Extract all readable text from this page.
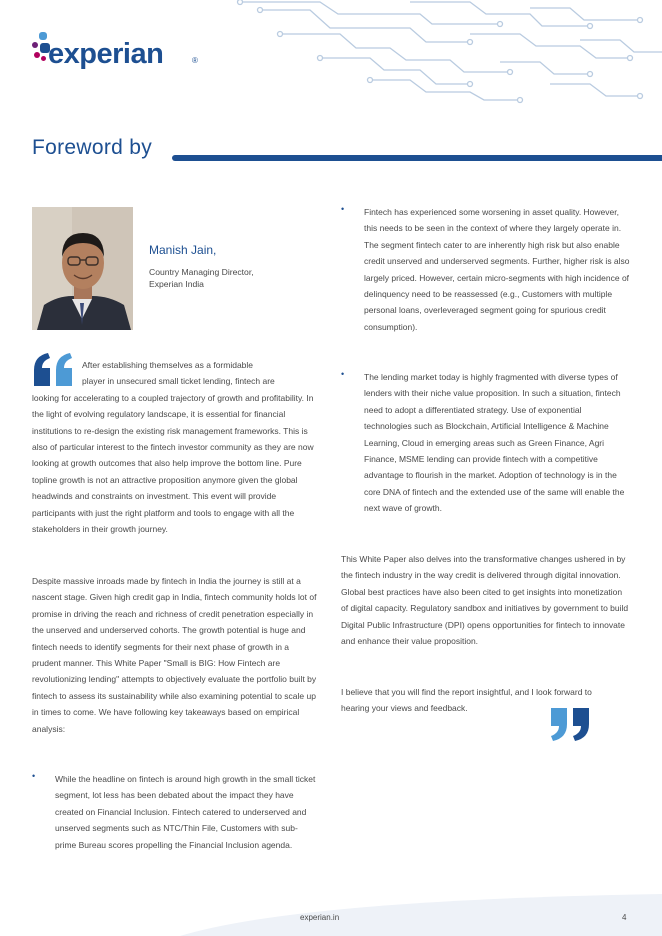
experian	®
Foreword by
Manish Jain,
Country Managing Director,
Experian India
After establishing themselves as a formidable
player in unsecured small ticket lending, fintech are
looking for accelerating to a coupled trajectory of growth and profitability. In the light of evolving regulatory landscape, it is essential for financial institutions to re-design the existing risk management frameworks. This is also of particular interest to the fintech investor community as they are now looking at growth outcomes that also help improve the bottom line. Pure topline growth is not an attractive proposition anymore given the global headwinds and constraints on investment. This event will provide participants with just the right platform and tools to engage with all the stakeholders in their growth journey.
Despite massive inroads made by fintech in India the journey is still at a nascent stage. Given high credit gap in India, fintech community holds lot of promise in driving the reach and richness of credit penetration especially in the unserved and underserved cohorts. The growth potential is huge and fintech needs to identify segments for their next phase of growth in a prudent manner. This White Paper "Small is BIG: How Fintech are revolutionizing lending" attempts to objectively evaluate the portfolio built by fintech to assess its sustainability while also examining potential to scale up in times to come. We have following key takeaways based on empirical analysis:
• While the headline on fintech is around high growth in the small ticket segment, lot less has been debated about the impact they have created on Financial Inclusion. Fintech catered to underserved and unserved segments such as NTC/Thin File, Customers with sub-prime Bureau scores propelling the Financial Inclusion agenda.
• Fintech has experienced some worsening in asset quality. However, this needs to be seen in the context of where they largely operate in. The segment fintech cater to are inherently high risk but also enable credit unserved and underserved segments. Further, higher risk is also largely priced. However, certain micro-segments with high incidence of delinquency need to be reassessed (e.g., Customers with multiple personal loans, overleveraged segment going for spurious credit consumption).
• The lending market today is highly fragmented with diverse types of lenders with their niche value proposition. In such a situation, fintech need to adopt a differentiated strategy. Use of exponential technologies such as Blockchain, Artificial Intelligence & Machine Learning, Cloud in emerging areas such as Green Finance, Agri Finance, MSME lending can provide fintech with a competitive advantage to flourish in the market. Adoption of technology is in the core DNA of fintech and the extended use of the same will enable the next wave of growth.
This White Paper also delves into the transformative changes ushered in by the fintech industry in the way credit is delivered through digital innovation. Global best practices have also been cited to get insights into monetization of digital capacity. Regulatory sandbox and initiatives by government to build Digital Public Infrastructure (DPI) opens opportunities for fintech to innovate and enhance their value proposition.
I believe that you will find the report insightful, and I look forward to hearing your views and feedback.
experian.in	4
